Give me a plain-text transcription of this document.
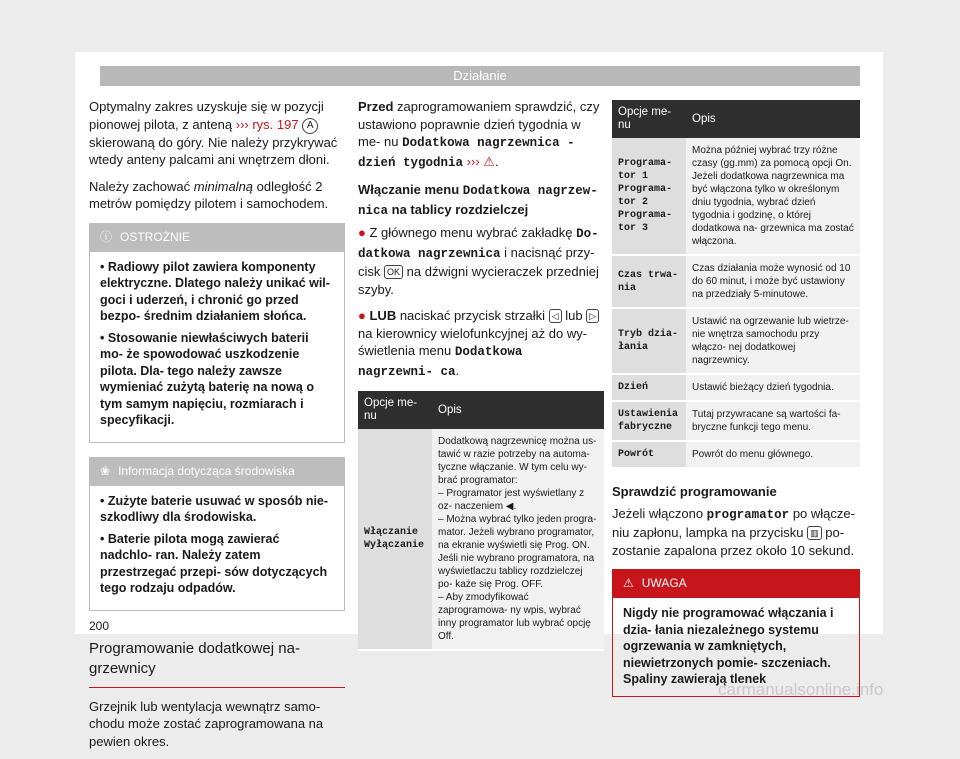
Działanie

Optymalny zakres uzyskuje się w pozycji pionowej pilota, z anteną ››› rys. 197 A skierowaną do góry. Nie należy przykrywać wtedy anteny palcami ani wnętrzem dłoni.

Należy zachować minimalną odległość 2 metrów pomiędzy pilotem i samochodem.

ⓘ OSTROŻNIE

• Radiowy pilot zawiera komponenty elektryczne. Dlatego należy unikać wil- goci i uderzeń, i chronić go przed bezpo- średnim działaniem słońca.

• Stosowanie niewłaściwych baterii mo- że spowodować uszkodzenie pilota. Dla- tego należy zawsze wymieniać zużytą baterię na nową o tym samym napięciu, rozmiarach i specyfikacji.

❀ Informacja dotycząca środowiska

• Zużyte baterie usuwać w sposób nie- szkodliwy dla środowiska.

• Baterie pilota mogą zawierać nadchlo- ran. Należy zatem przestrzegać przepi- sów dotyczących tego rodzaju odpadów.

Programowanie dodatkowej na- grzewnicy

Grzejnik lub wentylacja wewnątrz samo- chodu może zostać zaprogramowana na pewien okres.

Przed zaprogramowaniem sprawdzić, czy ustawiono poprawnie dzień tygodnia w me- nu Dodatkowa nagrzewnica - dzień tygodnia ››› ⚠.

Włączanie menu Dodatkowa nagrzew- nica na tablicy rozdzielczej

● Z głównego menu wybrać zakładkę Do- datkowa nagrzewnica i nacisnąć przy- cisk OK na dźwigni wycieraczek przedniej szyby.

● LUB naciskać przycisk strzałki ◁ lub ▷ na kierownicy wielofunkcyjnej aż do wy- świetlenia menu Dodatkowa nagrzewni- ca.

Opcje me- nu	Opis
Włączanie Wyłączanie	Dodatkową nagrzewnicę można us- tawić w razie potrzeby na automa- tyczne włączanie. W tym celu wy- brać programator:
– Programator jest wyświetlany z oz- naczeniem ◀.
– Można wybrać tylko jeden progra- mator. Jeżeli wybrano programator, na ekranie wyświetli się Prog. ON. Jeśli nie wybrano programatora, na wyświetlaczu tablicy rozdzielczej po- każe się Prog. OFF.
– Aby zmodyfikować zaprogramowa- ny wpis, wybrać inny programator lub wybrać opcję Off.
Opcje me- nu	Opis
Programa- tor 1 Programa- tor 2 Programa- tor 3	Można później wybrać trzy różne czasy (gg.mm) za pomocą opcji On. Jeżeli dodatkowa nagrzewnica ma być włączona tylko w określonym dniu tygodnia, wybrać dzień tygodnia i godzinę, o której dodatkowa na- grzewnica ma zostać włączona.
Czas trwa- nia	Czas działania może wynosić od 10 do 60 minut, i może być ustawiony na przedziały 5-minutowe.
Tryb dzia- łania	Ustawić na ogrzewanie lub wietrze- nie wnętrza samochodu przy włączo- nej dodatkowej nagrzewnicy.
Dzień	Ustawić bieżący dzień tygodnia.
Ustawienia fabryczne	Tutaj przywracane są wartości fa- bryczne funkcji tego menu.
Powrót	Powrót do menu głównego.

Sprawdzić programowanie

Jeżeli włączono programator po włącze- niu zapłonu, lampka na przycisku ▥ po- zostanie zapalona przez około 10 sekund.

⚠ UWAGA
Nigdy nie programować włączania i dzia- łania niezależnego systemu ogrzewania w zamkniętych, niewietrzonych pomie- szczeniach. Spaliny zawierają tlenek
200
carmanualsonline.info
